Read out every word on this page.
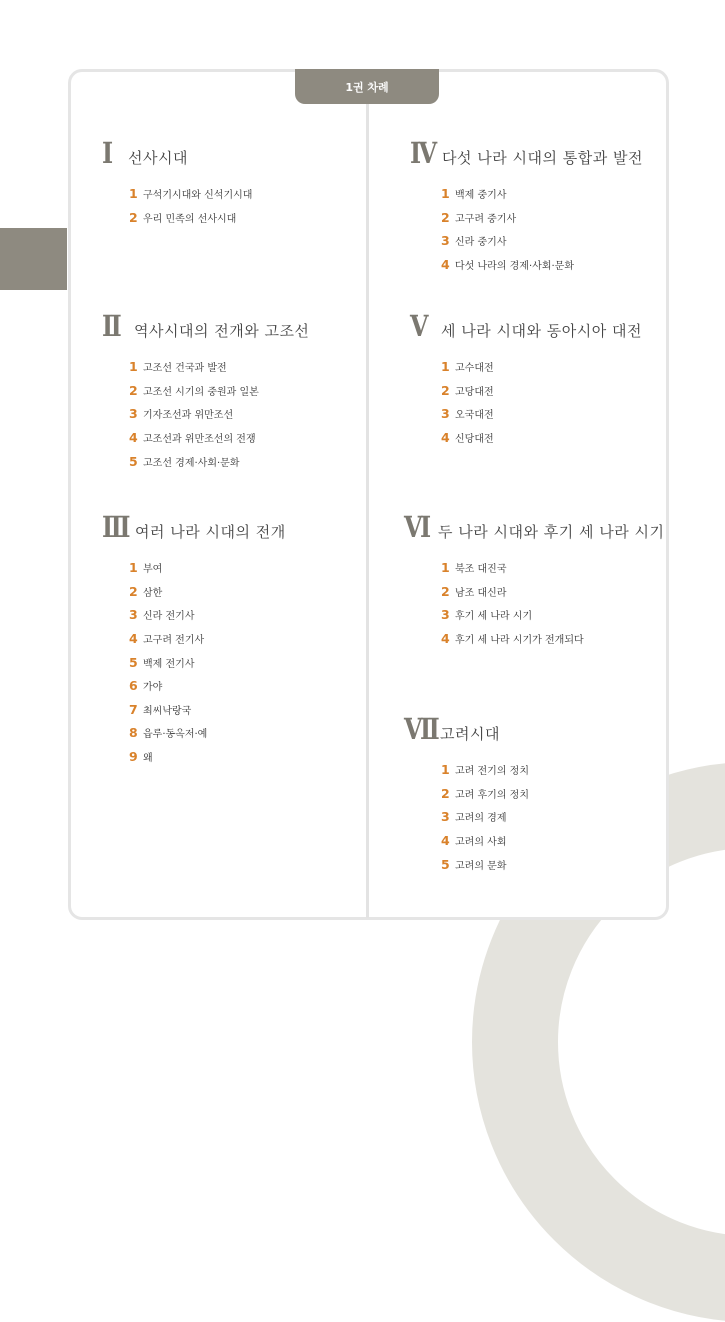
1권 차례
I	선사시대
1 구석기시대와 신석기시대
2 우리 민족의 선사시대
II 역사시대의 전개와 고조선
1 고조선 건국과 발전
2 고조선 시기의 중원과 일본
3 기자조선과 위만조선
4 고조선과 위만조선의 전쟁
5 고조선 경제·사회·문화
III 여러 나라 시대의 전개
1 부여
2 삼한
3 신라 전기사
4 고구려 전기사
5 백제 전기사
6 가야
7 최씨낙랑국
8 읍루·동옥저·예
9 왜
IV 다섯 나라 시대의 통합과 발전
1 백제 중기사
2 고구려 중기사
3 신라 중기사
4 다섯 나라의 경제·사회·문화
V 세 나라 시대와 동아시아 대전
1 고수대전
2 고당대전
3 오국대전
4 신당대전
VI 두 나라 시대와 후기 세 나라 시기
1 북조 대진국
2 남조 대신라
3 후기 세 나라 시기
4 후기 세 나라 시기가 전개되다
VII 고려시대
1 고려 전기의 정치
2 고려 후기의 정치
3 고려의 경제
4 고려의 사회
5 고려의 문화
